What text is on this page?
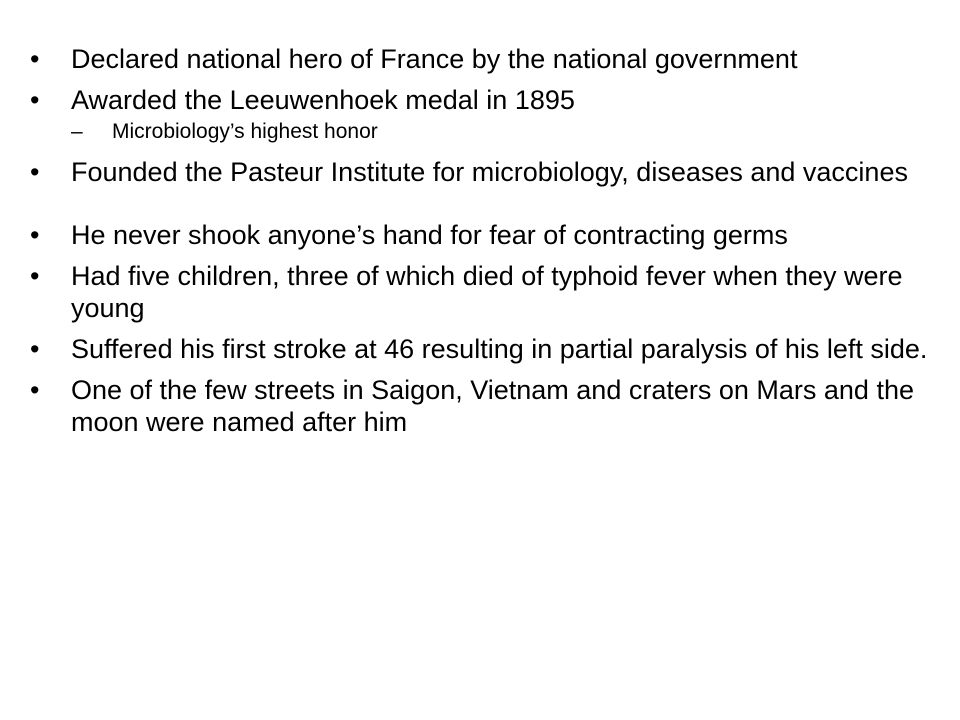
•	Declared national hero of France by the national government
•	Awarded the Leeuwenhoek medal in 1895
– Microbiology’s highest honor
•	Founded the Pasteur Institute for microbiology, diseases and vaccines
•	He never shook anyone’s hand for fear of contracting germs
•	Had five children, three of which died of typhoid fever when they were young
•	Suffered his first stroke at 46 resulting in partial paralysis of his left side.
•	One of the few streets in Saigon, Vietnam and craters on Mars and the moon were named after him
